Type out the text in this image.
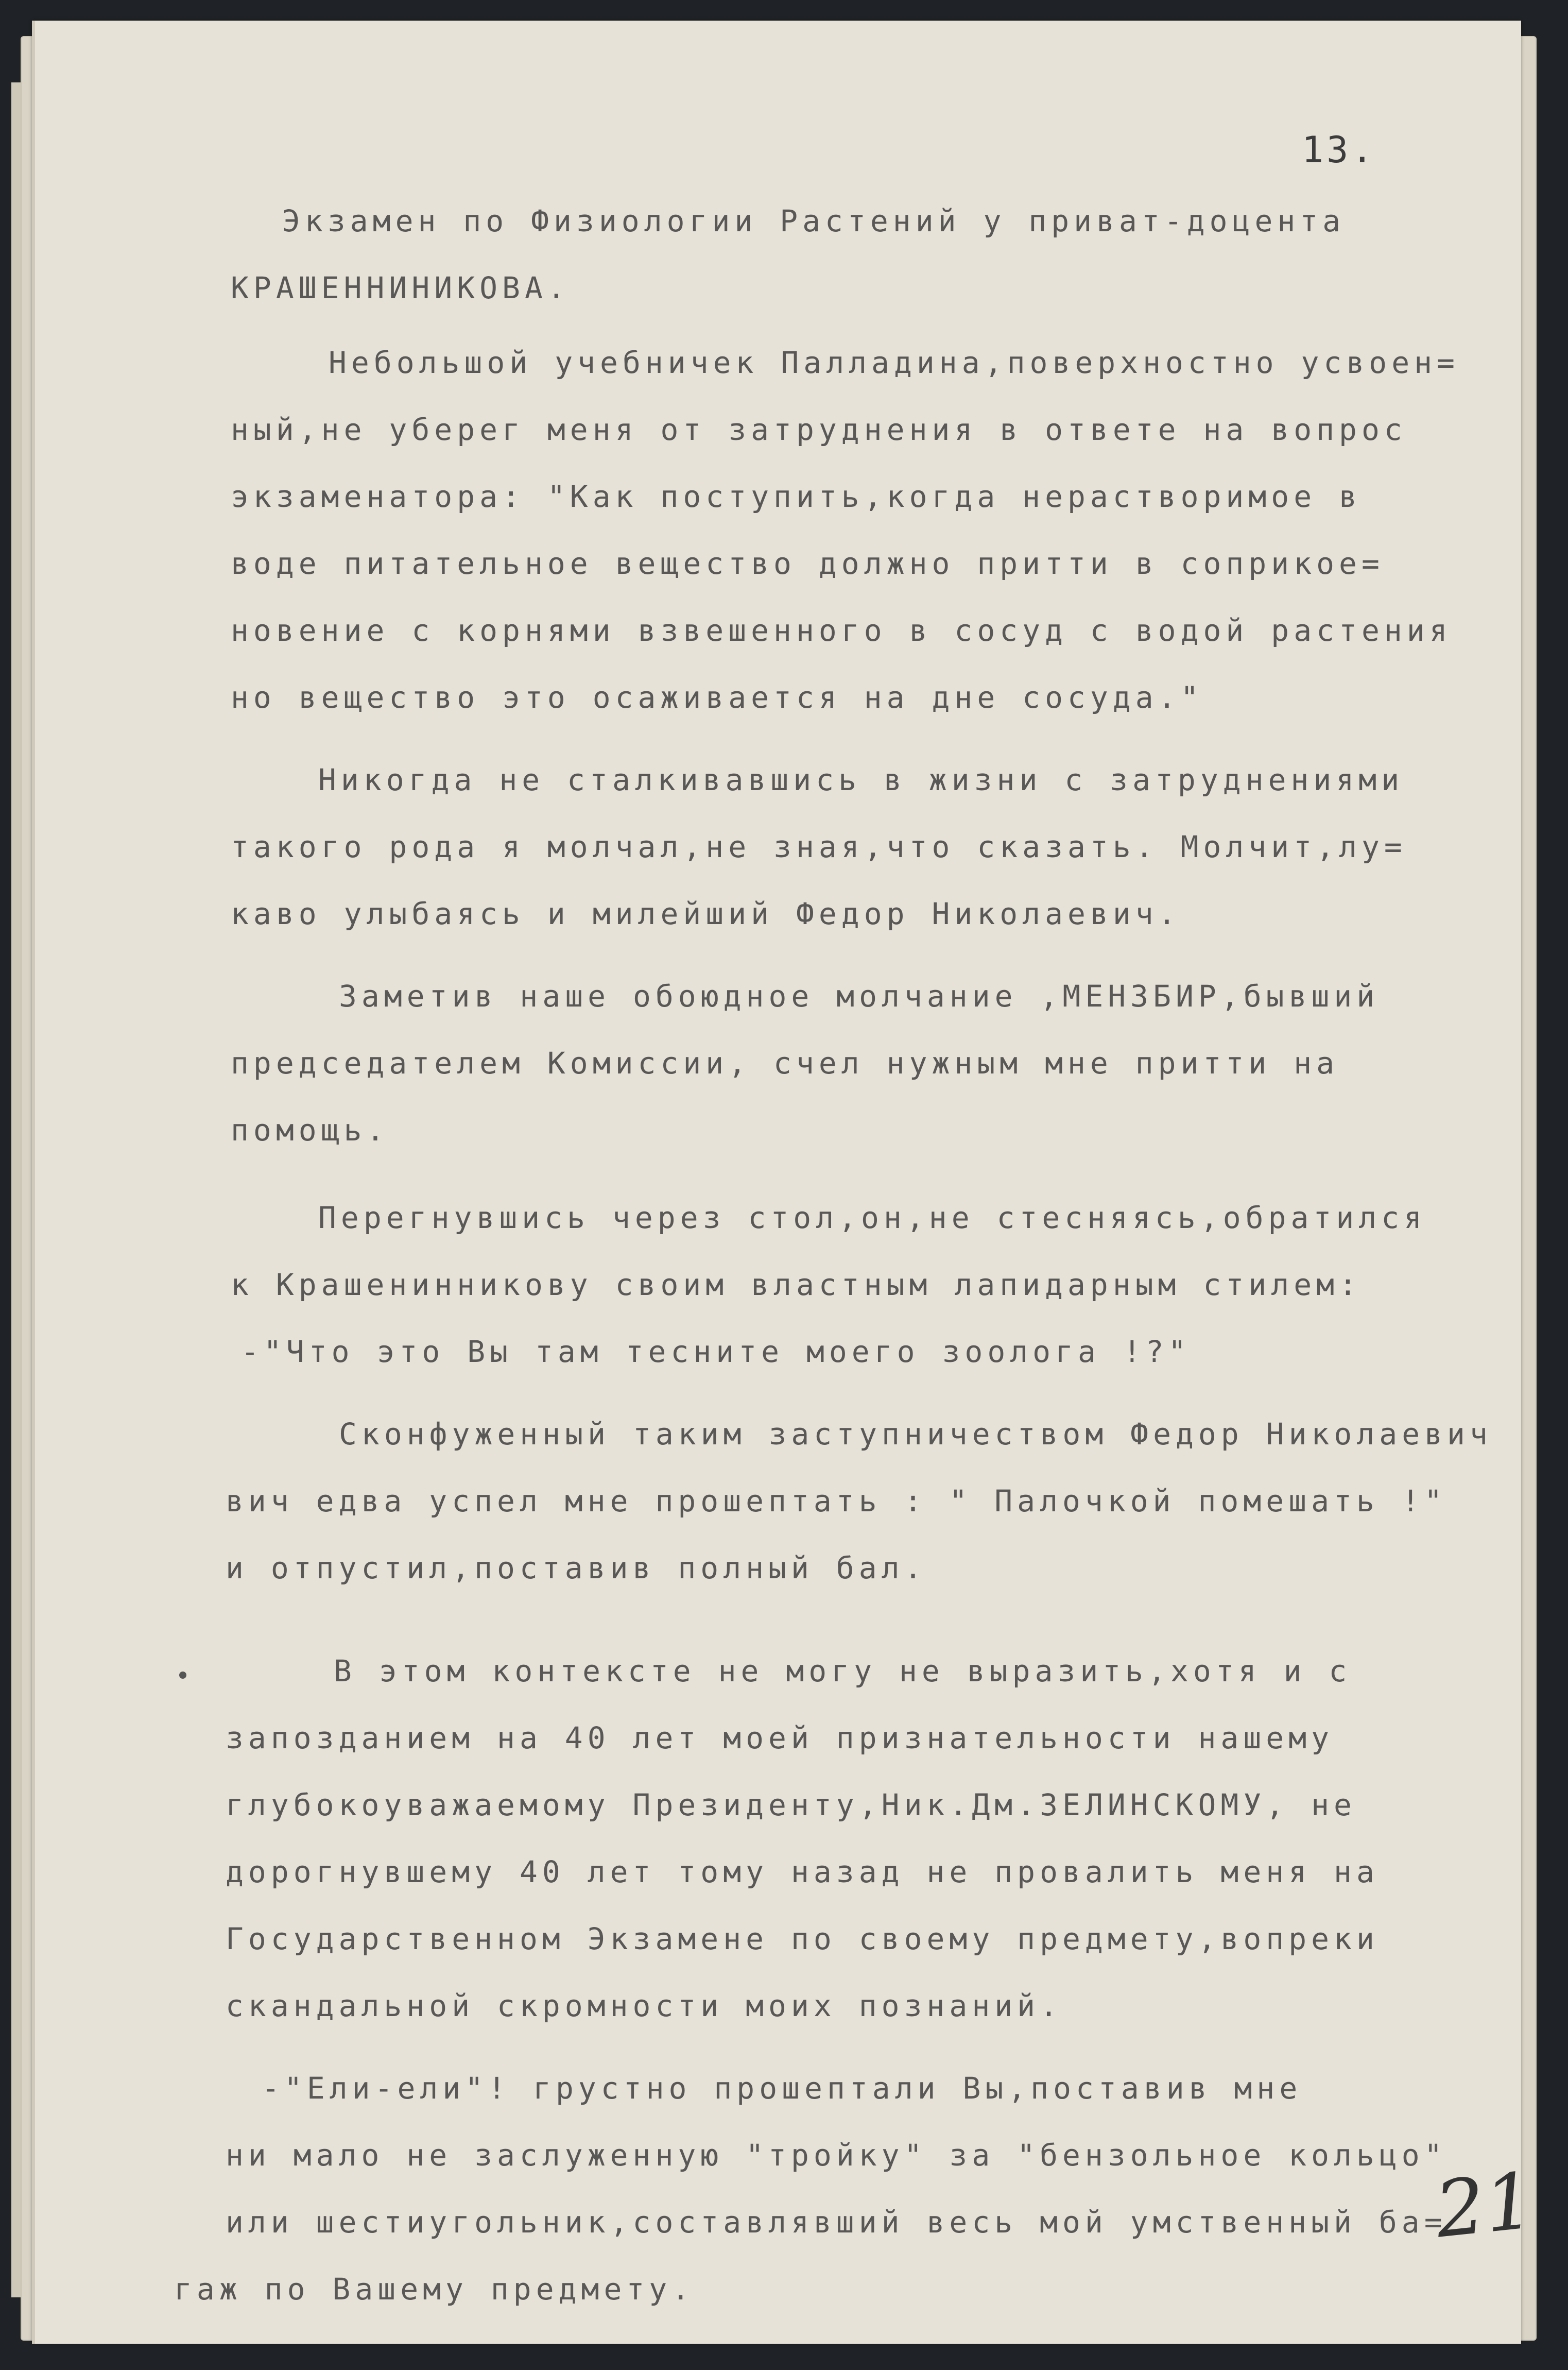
13.
Экзамен по Физиологии Растений у приват-доцента
КРАШЕННИНИКОВА.
Небольшой учебничек Палладина,поверхностно усвоен=
ный,не уберег меня от затруднения в ответе на вопрос
экзаменатора: "Как поступить,когда нерастворимое в
воде питательное вещество должно притти в соприкое=
новение с корнями взвешенного в сосуд с водой растения
но вещество это осаживается на дне сосуда."
Никогда не сталкивавшись в жизни с затруднениями
такого рода я молчал,не зная,что сказать. Молчит,лу=
каво улыбаясь и милейший Федор Николаевич.
Заметив наше обоюдное молчание ,МЕНЗБИР,бывший
председателем Комиссии, счел нужным мне притти на
помощь.
Перегнувшись через стол,он,не стесняясь,обратился
к Крашенинникову своим властным лапидарным стилем:
-"Что это Вы там тесните моего зоолога !?"
Сконфуженный таким заступничеством Федор Николаевич
вич едва успел мне прошептать : " Палочкой помешать !"
и отпустил,поставив полный бал.
В этом контексте не могу не выразить,хотя и с
запозданием на 40 лет моей признательности нашему
глубокоуважаемому Президенту,Ник.Дм.ЗЕЛИНСКОМУ, не
дорогнувшему 40 лет тому назад не провалить меня на
Государственном Экзамене по своему предмету,вопреки
скандальной скромности моих познаний.
-"Ели-ели"! грустно прошептали Вы,поставив мне
ни мало не заслуженную "тройку" за "бензольное кольцо"
или шестиугольник,составлявший весь мой умственный ба=
гаж по Вашему предмету.
21
